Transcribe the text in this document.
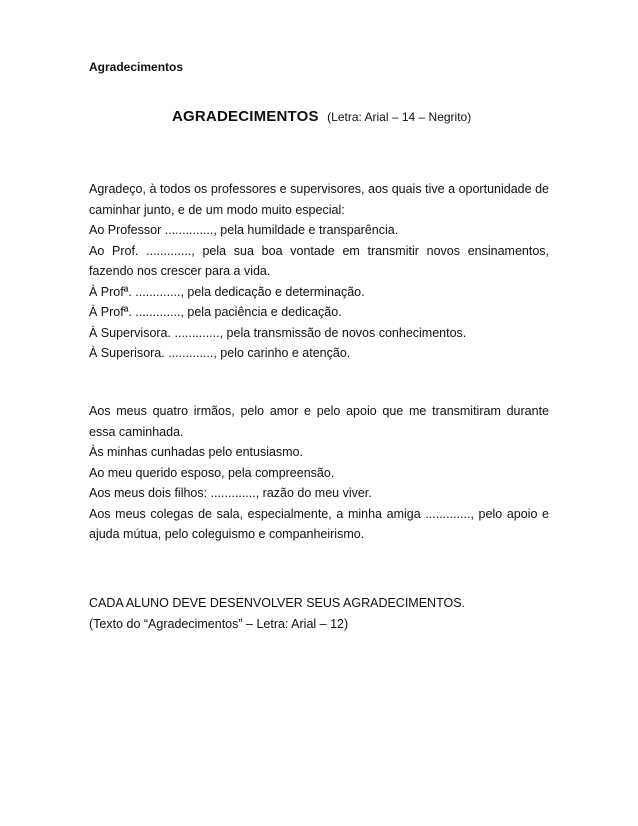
Agradecimentos
AGRADECIMENTOS (Letra: Arial – 14 – Negrito)

Agradeço, à todos os professores e supervisores, aos quais tive a oportunidade de caminhar junto, e de um modo muito especial:

Ao Professor .............., pela humildade e transparência.

Ao Prof. ............., pela sua boa vontade em transmitir novos ensinamentos, fazendo nos crescer para a vida.

À Profª. ............., pela dedicação e determinação.

À Profª. ............., pela paciência e dedicação.

À Supervisora. ............., pela transmissão de novos conhecimentos.

À Superisora. ............., pelo carinho e atenção.

Aos meus quatro irmãos, pelo amor e pelo apoio que me transmitiram durante essa caminhada.

Às minhas cunhadas pelo entusiasmo.

Ao meu querido esposo, pela compreensão.

Aos meus dois filhos: ............., razão do meu viver.

Aos meus colegas de sala, especialmente, a minha amiga ............., pelo apoio e ajuda mútua, pelo coleguismo e companheirismo.

CADA ALUNO DEVE DESENVOLVER SEUS AGRADECIMENTOS.

(Texto do “Agradecimentos” – Letra: Arial – 12)
